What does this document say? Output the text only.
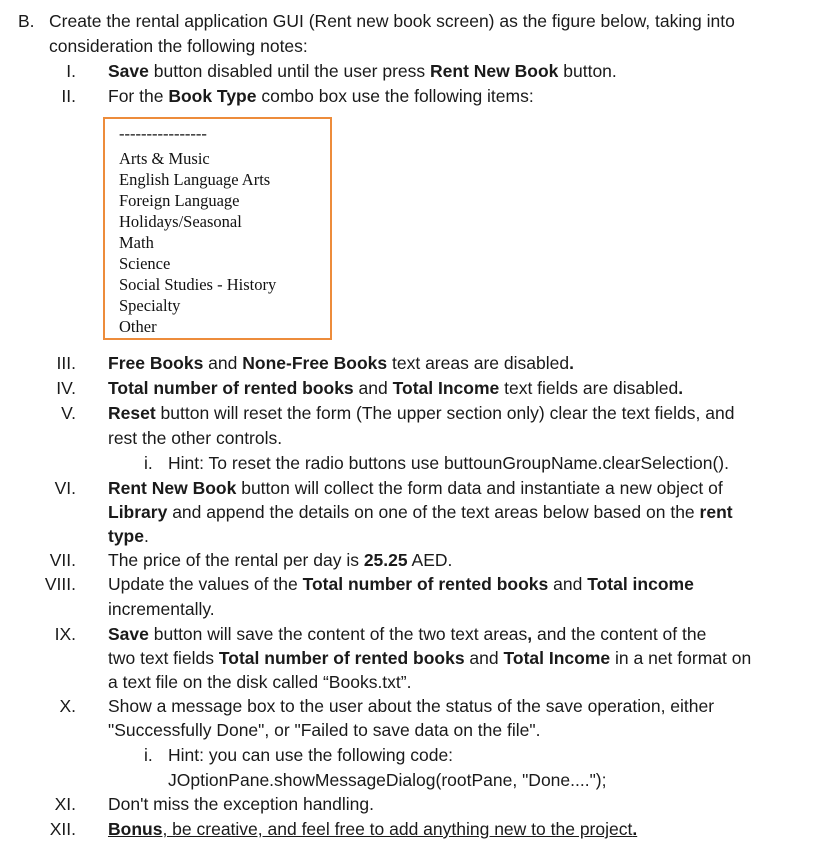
B. Create the rental application GUI (Rent new book screen) as the figure below, taking into
consideration the following notes:
I. Save button disabled until the user press Rent New Book button.
II. For the Book Type combo box use the following items:
----------------
Arts & Music
English Language Arts
Foreign Language
Holidays/Seasonal
Math
Science
Social Studies - History
Specialty
Other
III. Free Books and None-Free Books text areas are disabled.
IV. Total number of rented books and Total Income text fields are disabled.
V. Reset button will reset the form (The upper section only) clear the text fields, and
rest the other controls.
i. Hint: To reset the radio buttons use buttounGroupName.clearSelection().
VI. Rent New Book button will collect the form data and instantiate a new object of
Library and append the details on one of the text areas below based on the rent
type.
VII. The price of the rental per day is 25.25 AED.
VIII. Update the values of the Total number of rented books and Total income
incrementally.
IX. Save button will save the content of the two text areas, and the content of the
two text fields Total number of rented books and Total Income in a net format on
a text file on the disk called “Books.txt”.
X. Show a message box to the user about the status of the save operation, either
"Successfully Done", or "Failed to save data on the file".
i. Hint: you can use the following code:
JOptionPane.showMessageDialog(rootPane, "Done....");
XI. Don't miss the exception handling.
XII. Bonus, be creative, and feel free to add anything new to the project.
